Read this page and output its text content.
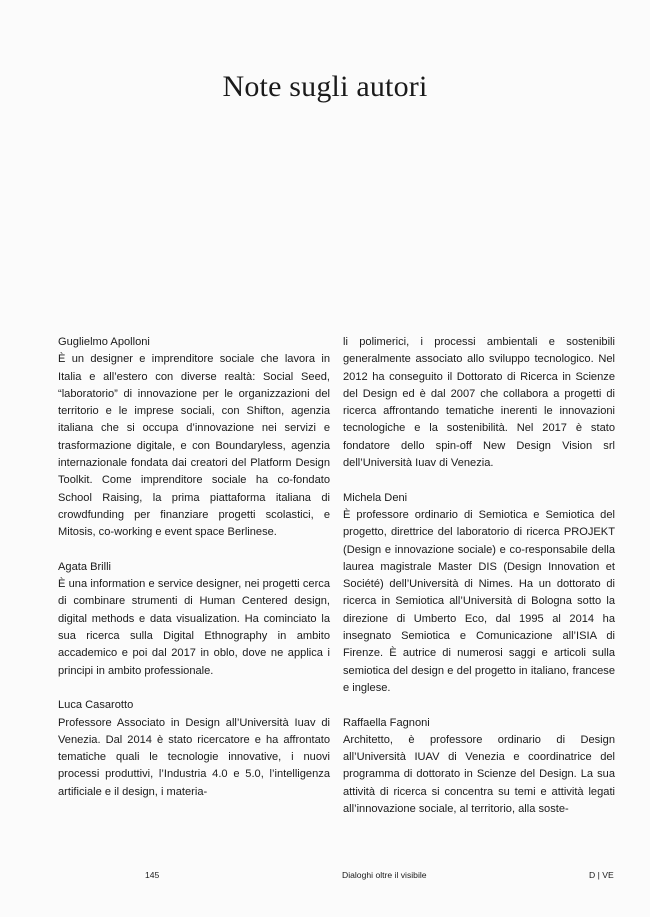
Note sugli autori
Guglielmo Apolloni
È un designer e imprenditore sociale che lavora in Italia e all’estero con diverse realtà: Social Seed, “laboratorio” di innovazione per le organizzazioni del territorio e le imprese sociali, con Shifton, agenzia italiana che si occupa d’innovazione nei servizi e trasformazione digitale, e con Boundaryless, agenzia internazionale fondata dai creatori del Platform Design Toolkit. Come imprenditore sociale ha co-fondato School Raising, la prima piattaforma italiana di crowdfunding per finanziare progetti scolastici, e Mitosis, co-working e event space Berlinese.
Agata Brilli
È una information e service designer, nei progetti cerca di combinare strumenti di Human Centered design, digital methods e data visualization. Ha cominciato la sua ricerca sulla Digital Ethnography in ambito accademico e poi dal 2017 in oblo, dove ne applica i principi in ambito professionale.
Luca Casarotto
Professore Associato in Design all’Università Iuav di Venezia. Dal 2014 è stato ricercatore e ha affrontato tematiche quali le tecnologie innovative, i nuovi processi produttivi, l’Industria 4.0 e 5.0, l’intelligenza artificiale e il design, i materia-
li polimerici, i processi ambientali e sostenibili generalmente associato allo sviluppo tecnologico. Nel 2012 ha conseguito il Dottorato di Ricerca in Scienze del Design ed è dal 2007 che collabora a progetti di ricerca affrontando tematiche inerenti le innovazioni tecnologiche e la sostenibilità. Nel 2017 è stato fondatore dello spin-off New Design Vision srl dell’Università Iuav di Venezia.
Michela Deni
È professore ordinario di Semiotica e Semiotica del progetto, direttrice del laboratorio di ricerca PROJEKT (Design e innovazione sociale) e co-responsabile della laurea magistrale Master DIS (Design Innovation et Société) dell’Università di Nimes. Ha un dottorato di ricerca in Semiotica all’Università di Bologna sotto la direzione di Umberto Eco, dal 1995 al 2014 ha insegnato Semiotica e Comunicazione all’ISIA di Firenze. È autrice di numerosi saggi e articoli sulla semiotica del design e del progetto in italiano, francese e inglese.
Raffaella Fagnoni
Architetto, è professore ordinario di Design all’Università IUAV di Venezia e coordinatrice del programma di dottorato in Scienze del Design. La sua attività di ricerca si concentra su temi e attività legati all’innovazione sociale, al territorio, alla soste-
145	Dialoghi oltre il visibile	D | VE
